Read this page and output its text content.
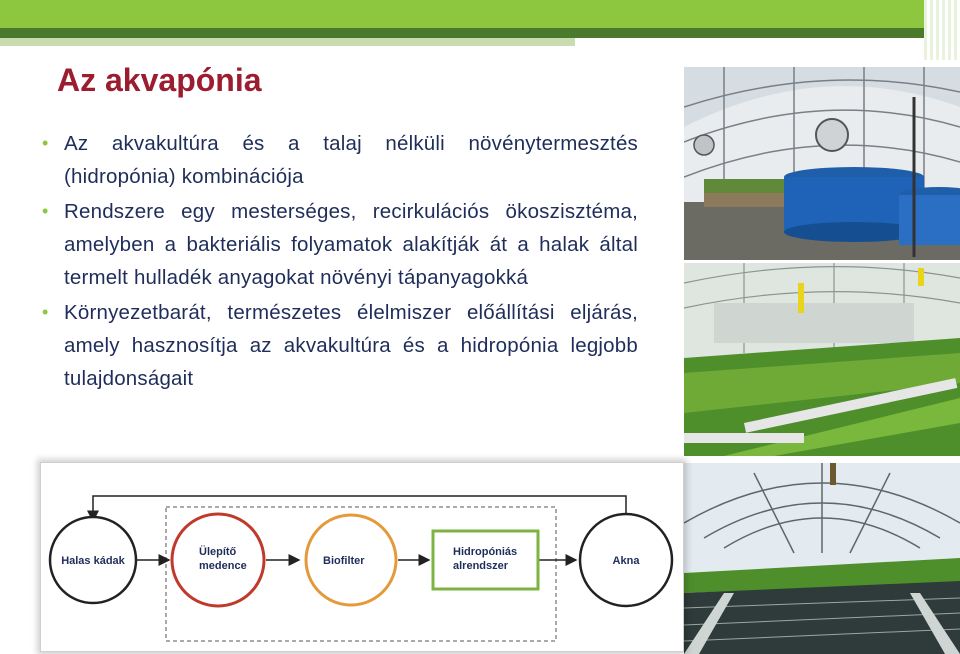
Az akvapónia
• Az akvakultúra és a talaj nélküli növénytermesztés (hidropónia) kombinációja
• Rendszere egy mesterséges, recirkulációs ökoszisztéma, amelyben a bakteriális folyamatok alakítják át a halak által termelt hulladék anyagokat növényi tápanyagokká
• Környezetbarát, természetes élelmiszer előállítási eljárás, amely hasznosítja az akvakultúra és a hidropónia legjobb tulajdonságait
Halas kádak
Ülepítő
medence	Biofilter
Hidropóniás
alrendszer	Akna
